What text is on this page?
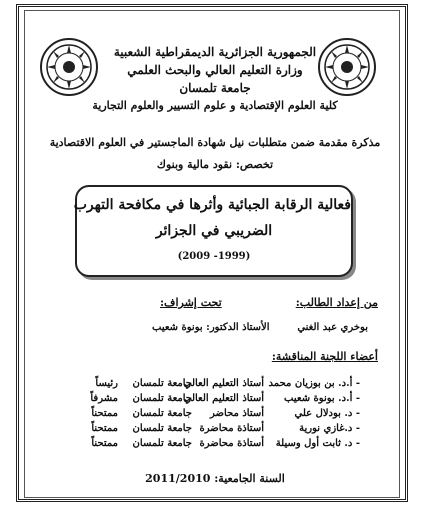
الجمهورية الجزائرية الديمقراطية الشعبية
وزارة التعليم العالي والبحث العلمي
جامعة تلمسان
كلية العلوم الإقتصادية و علوم التسيير والعلوم التجارية
مذكرة مقدمة ضمن متطلبات نيل شهادة الماجستير في العلوم الاقتصادية
تخصص: نقود مالية وبنوك
فعالية الرقابة الجبائية وأثرها في مكافحة التهرب
الضريبي في الجزائر
(1999- 2009)
من إعداد الطالب:
تحت إشراف:
بوخري عبد الغني
الأستاذ الدكتور: بونوة شعيب
أعضاء اللجنة المناقشة:
- أ.د. بن بوزيان محمد
أستاذ التعليم العالي
جامعة تلمسان
رئيساً
- أ.د. بونوة شعيب
أستاذ التعليم العالي
جامعة تلمسان
مشرفاً
- د. بودلال علي
أستاذ محاضر
جامعة تلمسان
ممتحناً
- د.غازي نورية
أستاذة محاضرة
جامعة تلمسان
ممتحناً
- د. ثابت أول وسيلة
أستاذة محاضرة
جامعة تلمسان
ممتحناً
السنة الجامعية: 2011/2010
